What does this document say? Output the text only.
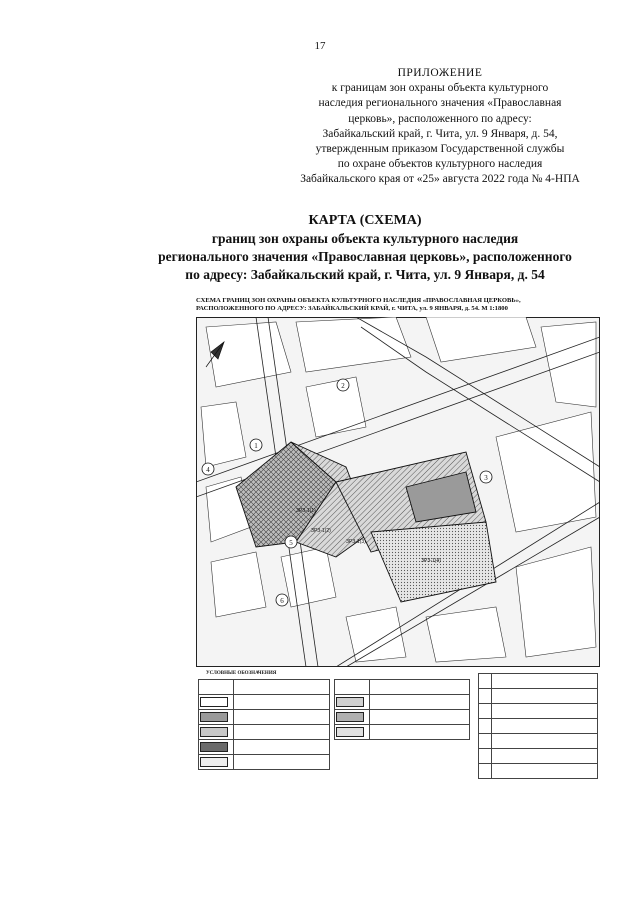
17
ПРИЛОЖЕНИЕ
к границам зон охраны объекта культурного
наследия регионального значения «Православная
церковь», расположенного по адресу:
Забайкальский край, г. Чита, ул. 9 Января, д. 54,
утвержденным приказом Государственной службы
по охране объектов культурного наследия
Забайкальского края от «25» августа 2022 года № 4-НПА
КАРТА (СХЕМА)
границ зон охраны объекта культурного наследия
регионального значения «Православная церковь», расположенного
по адресу: Забайкальский край, г. Чита, ул. 9 Января, д. 54
СХЕМА ГРАНИЦ ЗОН ОХРАНЫ ОБЪЕКТА КУЛЬТУРНОГО НАСЛЕДИЯ «ПРАВОСЛАВНАЯ ЦЕРКОВЬ»,
РАСПОЛОЖЕННОГО ПО АДРЕСУ: ЗАБАЙКАЛЬСКИЙ КРАЙ, г. ЧИТА, ул. 9 ЯНВАРЯ, д. 54. М 1:1800
ЗРЗ-1(1)
ЗРЗ-1(2)
ЗРЗ-1(3)
ЗРЗ-1(4)
1
2
3
4
5
6
УСЛОВНЫЕ ОБОЗНАЧЕНИЯ
